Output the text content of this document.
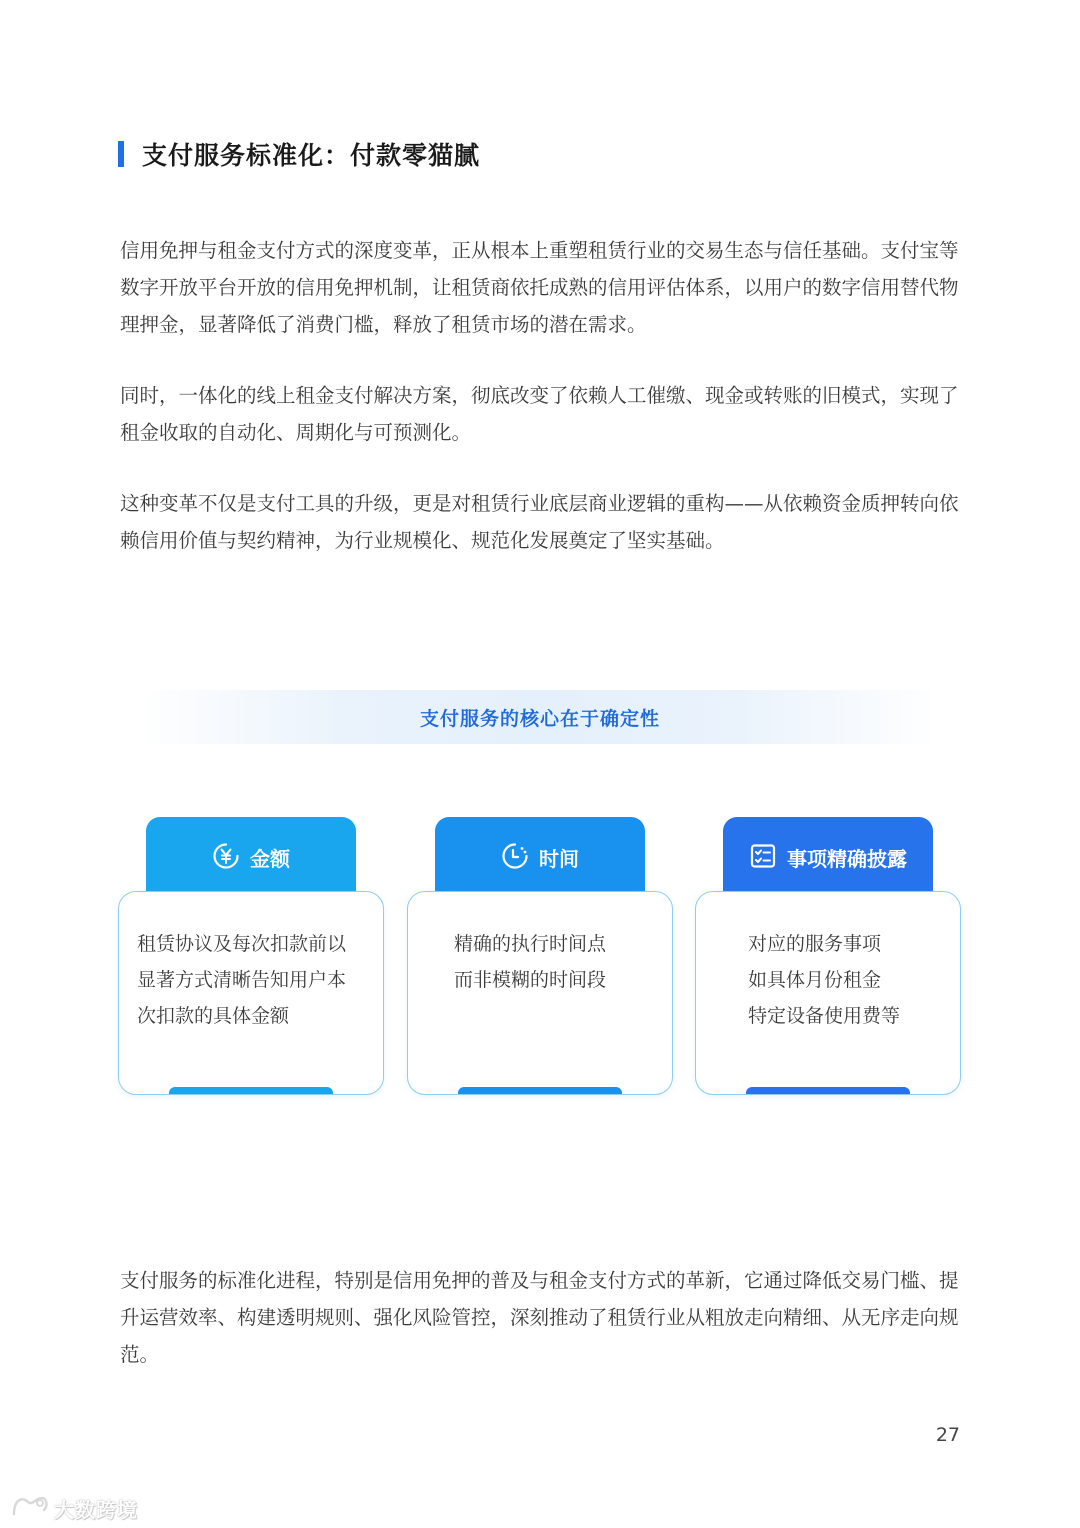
支付服务标准化：付款零猫腻

信用免押与租金支付方式的深度变革，正从根本上重塑租赁行业的交易生态与信任基础。支付宝等数字开放平台开放的信用免押机制，让租赁商依托成熟的信用评估体系，以用户的数字信用替代物理押金，显著降低了消费门槛，释放了租赁市场的潜在需求。

同时，一体化的线上租金支付解决方案，彻底改变了依赖人工催缴、现金或转账的旧模式，实现了租金收取的自动化、周期化与可预测化。

这种变革不仅是支付工具的升级，更是对租赁行业底层商业逻辑的重构——从依赖资金质押转向依赖信用价值与契约精神，为行业规模化、规范化发展奠定了坚实基础。

支付服务的核心在于确定性
金额
租赁协议及每次扣款前以
显著方式清晰告知用户本
次扣款的具体金额
时间
精确的执行时间点
而非模糊的时间段
事项精确披露
对应的服务事项
如具体月份租金
特定设备使用费等

支付服务的标准化进程，特别是信用免押的普及与租金支付方式的革新，它通过降低交易门槛、提升运营效率、构建透明规则、强化风险管控，深刻推动了租赁行业从粗放走向精细、从无序走向规范。

27
大数跨境
